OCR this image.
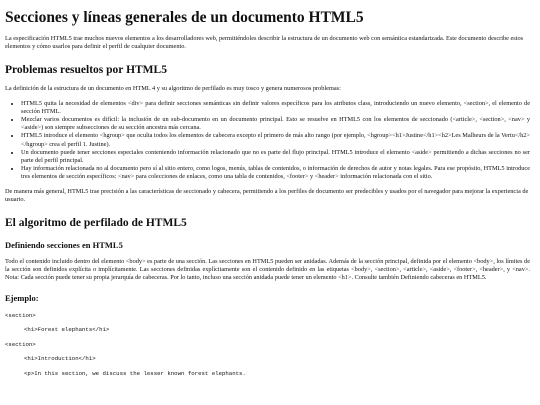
Secciones y líneas generales de un documento HTML5

La especificación HTML5 trae muchos nuevos elementos a los desarrolladores web, permitiéndoles describir la estructura de un documento web con semántica estandarizada. Este documento describe estos elementos y cómo usarlos para definir el perfil de cualquier documento.

Problemas resueltos por HTML5

La definición de la estructura de un documento en HTML 4 y su algoritmo de perfilado es muy tosco y genera numerosos problemas:

• HTML5 quita la necesidad de elementos <div> para definir secciones semánticas sin definir valores específicos para los atributos class, introduciendo un nuevo elemento, <section>, el elemento de sección HTML.
• Mezclar varios documentos es difícil: la inclusión de un sub-documento en un documento principal. Esto se resuelve en HTML5 con los elementos de seccionado (<article>, <section>, <nav> y <aside>) son siempre subsecciones de su sección ancestra más cercana.
• HTML5 introduce el elemento <hgroup> que oculta todos los elementos de cabecera excepto el primero de más alto rango (por ejemplo, <hgroup><h1>Justine</h1><h2>Les Malheurs de la Vertu</h2></hgroup> crea el perfil 1. Justine).
• Un documento puede tener secciones especiales conteniendo información relacionado que no es parte del flujo principal. HTML5 introduce el elemento <aside> permitiendo a dichas secciones no ser parte del perfil principal.
• Hay información relacionada no al documento pero sí al sitio entero, como logos, menús, tablas de contenidos, o información de derechos de autor y notas legales. Para ese propósito, HTML5 introduce tres elementos de sección específicos: <nav> para colecciones de enlaces, como una tabla de contenidos, <footer> y <header> información relacionada con el sitio.

De manera más general, HTML5 trae precisión a las características de seccionado y cabecera, permitiendo a los perfiles de documento ser predecibles y usados por el navegador para mejorar la experiencia de usuario.

El algoritmo de perfilado de HTML5
Definiendo secciones en HTML5

Todo el contenido incluido dentro del elemento <body> es parte de una sección. Las secciones en HTML5 pueden ser anidadas. Además de la sección principal, definida por el elemento <body>, los límites de la sección son definidos explícita o implícitamente. Las secciones definidas explícitamente son el contenido definido en las etiquetas <body>, <section>, <article>, <aside>, <footer>, <header>, y <nav>. Nota: Cada sección puede tener su propia jerarquía de cabeceras. Por lo tanto, incluso una sección anidada puede tener un elemento <h1>. Consulte también Definiendo cabeceras en HTML5.

Ejemplo:
<section>
<h1>Forest elephants</h1>
<section>
<h1>Introduction</h1>
<p>In this section, we discuss the lesser known forest elephants.
